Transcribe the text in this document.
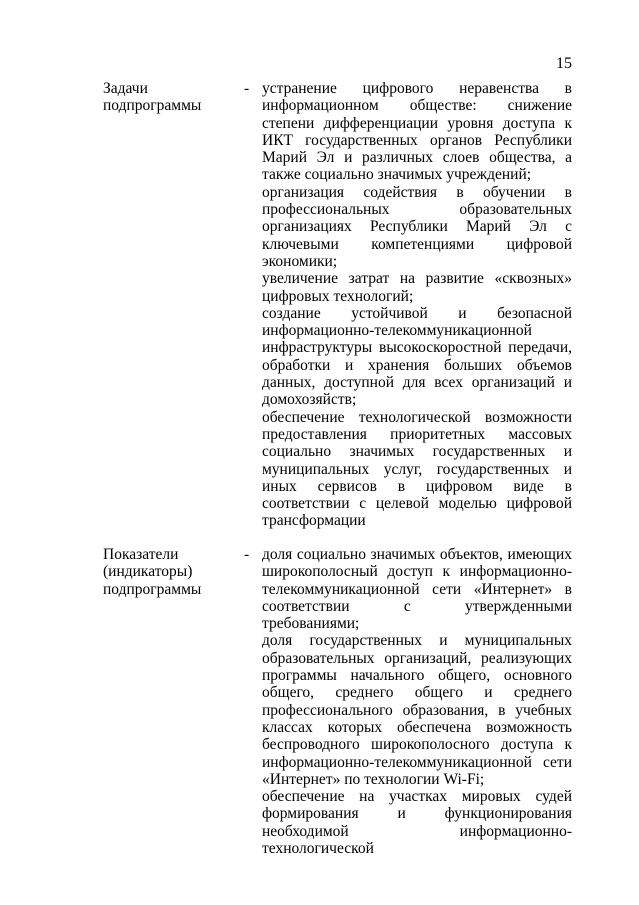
15
Задачи
подпрограммы
- устранение цифрового неравенства в информационном обществе: снижение степени дифференциации уровня доступа к ИКТ государственных органов Республики Марий Эл и различных слоев общества, а также социально значимых учреждений;

организация содействия в обучении в профессиональных образовательных организациях Республики Марий Эл с ключевыми компетенциями цифровой экономики;

увеличение затрат на развитие «сквозных» цифровых технологий;

создание устойчивой и безопасной информационно-телекоммуникационной инфраструктуры высокоскоростной передачи, обработки и хранения больших объемов данных, доступной для всех организаций и домохозяйств;

обеспечение технологической возможности предоставления приоритетных массовых социально значимых государственных и муниципальных услуг, государственных и иных сервисов в цифровом виде в соответствии с целевой моделью цифровой трансформации

Показатели
(индикаторы)
подпрограммы
- доля социально значимых объектов, имеющих широкополосный доступ к информационно-телекоммуникационной сети «Интернет» в соответствии с утвержденными требованиями;

доля государственных и муниципальных образовательных организаций, реализующих программы начального общего, основного общего, среднего общего и среднего профессионального образования, в учебных классах которых обеспечена возможность беспроводного широкополосного доступа к информационно-телекоммуникационной сети «Интернет» по технологии Wi-Fi;

обеспечение на участках мировых судей формирования и функционирования необходимой информационно-технологической
